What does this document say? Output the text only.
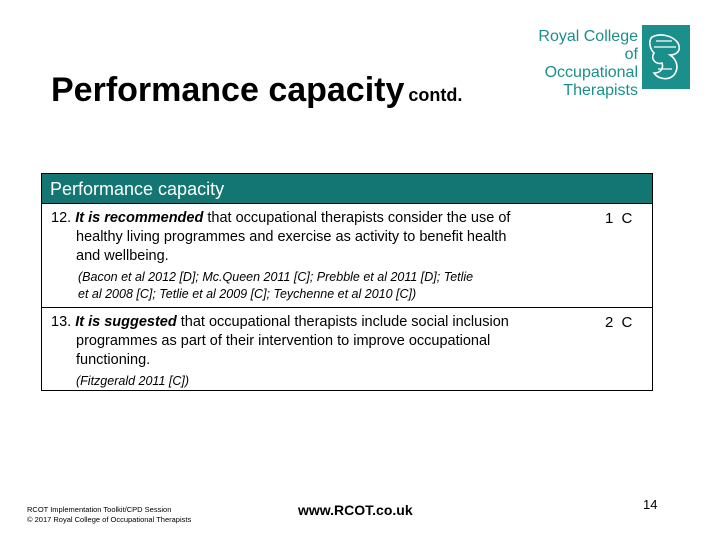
Performance capacity contd.
Royal College of
Occupational
Therapists
Performance capacity
12. It is recommended that occupational therapists consider the use of
healthy living programmes and exercise as activity to benefit health
and wellbeing.
(Bacon et al 2012 [D]; Mc.Queen 2011 [C]; Prebble et al 2011 [D]; Tetlie
et al 2008 [C]; Tetlie et al 2009 [C]; Teychenne et al 2010 [C])
1 C
13. It is suggested that occupational therapists include social inclusion
programmes as part of their intervention to improve occupational
functioning.
(Fitzgerald 2011 [C])
2 C
RCOT Implementation Toolkit/CPD Session
© 2017 Royal College of Occupational Therapists
www.RCOT.co.uk	14
